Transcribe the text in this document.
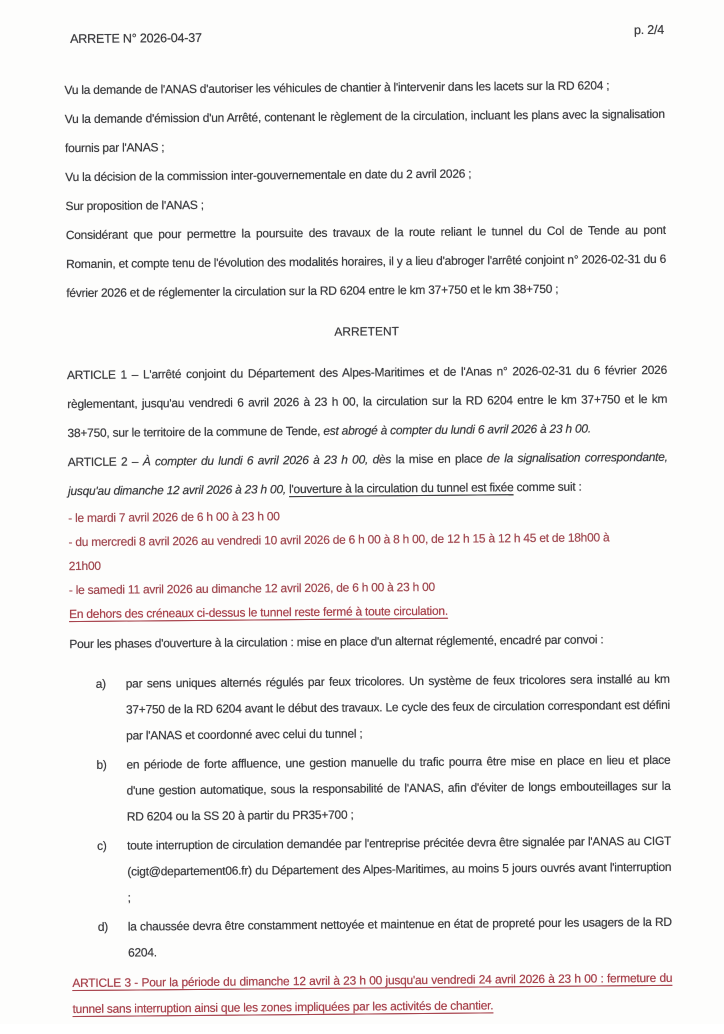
ARRETE N° 2026-04-37
p. 2/4

Vu la demande de l'ANAS d'autoriser les véhicules de chantier à l'intervenir dans les lacets sur la RD 6204 ;

Vu la demande d'émission d'un Arrêté, contenant le règlement de la circulation, incluant les plans avec la signalisation fournis par l'ANAS ;

Vu la décision de la commission inter-gouvernementale en date du 2 avril 2026 ;

Sur proposition de l'ANAS ;

Considérant que pour permettre la poursuite des travaux de la route reliant le tunnel du Col de Tende au pont Romanin, et compte tenu de l'évolution des modalités horaires, il y a lieu d'abroger l'arrêté conjoint n° 2026-02-31 du 6 février 2026 et de réglementer la circulation sur la RD 6204 entre le km 37+750 et le km 38+750 ;

ARRETENT

ARTICLE 1 – L'arrêté conjoint du Département des Alpes-Maritimes et de l'Anas n° 2026-02-31 du 6 février 2026 règlementant, jusqu'au vendredi 6 avril 2026 à 23 h 00, la circulation sur la RD 6204 entre le km 37+750 et le km 38+750, sur le territoire de la commune de Tende, est abrogé à compter du lundi 6 avril 2026 à 23 h 00.

ARTICLE 2 – À compter du lundi 6 avril 2026 à 23 h 00, dès la mise en place de la signalisation correspondante, jusqu'au dimanche 12 avril 2026 à 23 h 00, l'ouverture à la circulation du tunnel est fixée comme suit :

- le mardi 7 avril 2026 de 6 h 00 à 23 h 00

- du mercredi 8 avril 2026 au vendredi 10 avril 2026 de 6 h 00 à 8 h 00, de 12 h 15 à 12 h 45 et de 18h00 à

21h00

- le samedi 11 avril 2026 au dimanche 12 avril 2026, de 6 h 00 à 23 h 00

En dehors des créneaux ci-dessus le tunnel reste fermé à toute circulation.

Pour les phases d'ouverture à la circulation : mise en place d'un alternat réglementé, encadré par convoi :

a)	par sens uniques alternés régulés par feux tricolores. Un système de feux tricolores sera installé au km 37+750 de la RD 6204 avant le début des travaux. Le cycle des feux de circulation correspondant est défini par l'ANAS et coordonné avec celui du tunnel ;
b)	en période de forte affluence, une gestion manuelle du trafic pourra être mise en place en lieu et place d'une gestion automatique, sous la responsabilité de l'ANAS, afin d'éviter de longs embouteillages sur la RD 6204 ou la SS 20 à partir du PR35+700 ;
c)	toute interruption de circulation demandée par l'entreprise précitée devra être signalée par l'ANAS au CIGT (cigt@departement06.fr) du Département des Alpes-Maritimes, au moins 5 jours ouvrés avant l'interruption ;
d)	la chaussée devra être constamment nettoyée et maintenue en état de propreté pour les usagers de la RD 6204.

ARTICLE 3 - Pour la période du dimanche 12 avril à 23 h 00 jusqu'au vendredi 24 avril 2026 à 23 h 00 : fermeture du tunnel sans interruption ainsi que les zones impliquées par les activités de chantier.
